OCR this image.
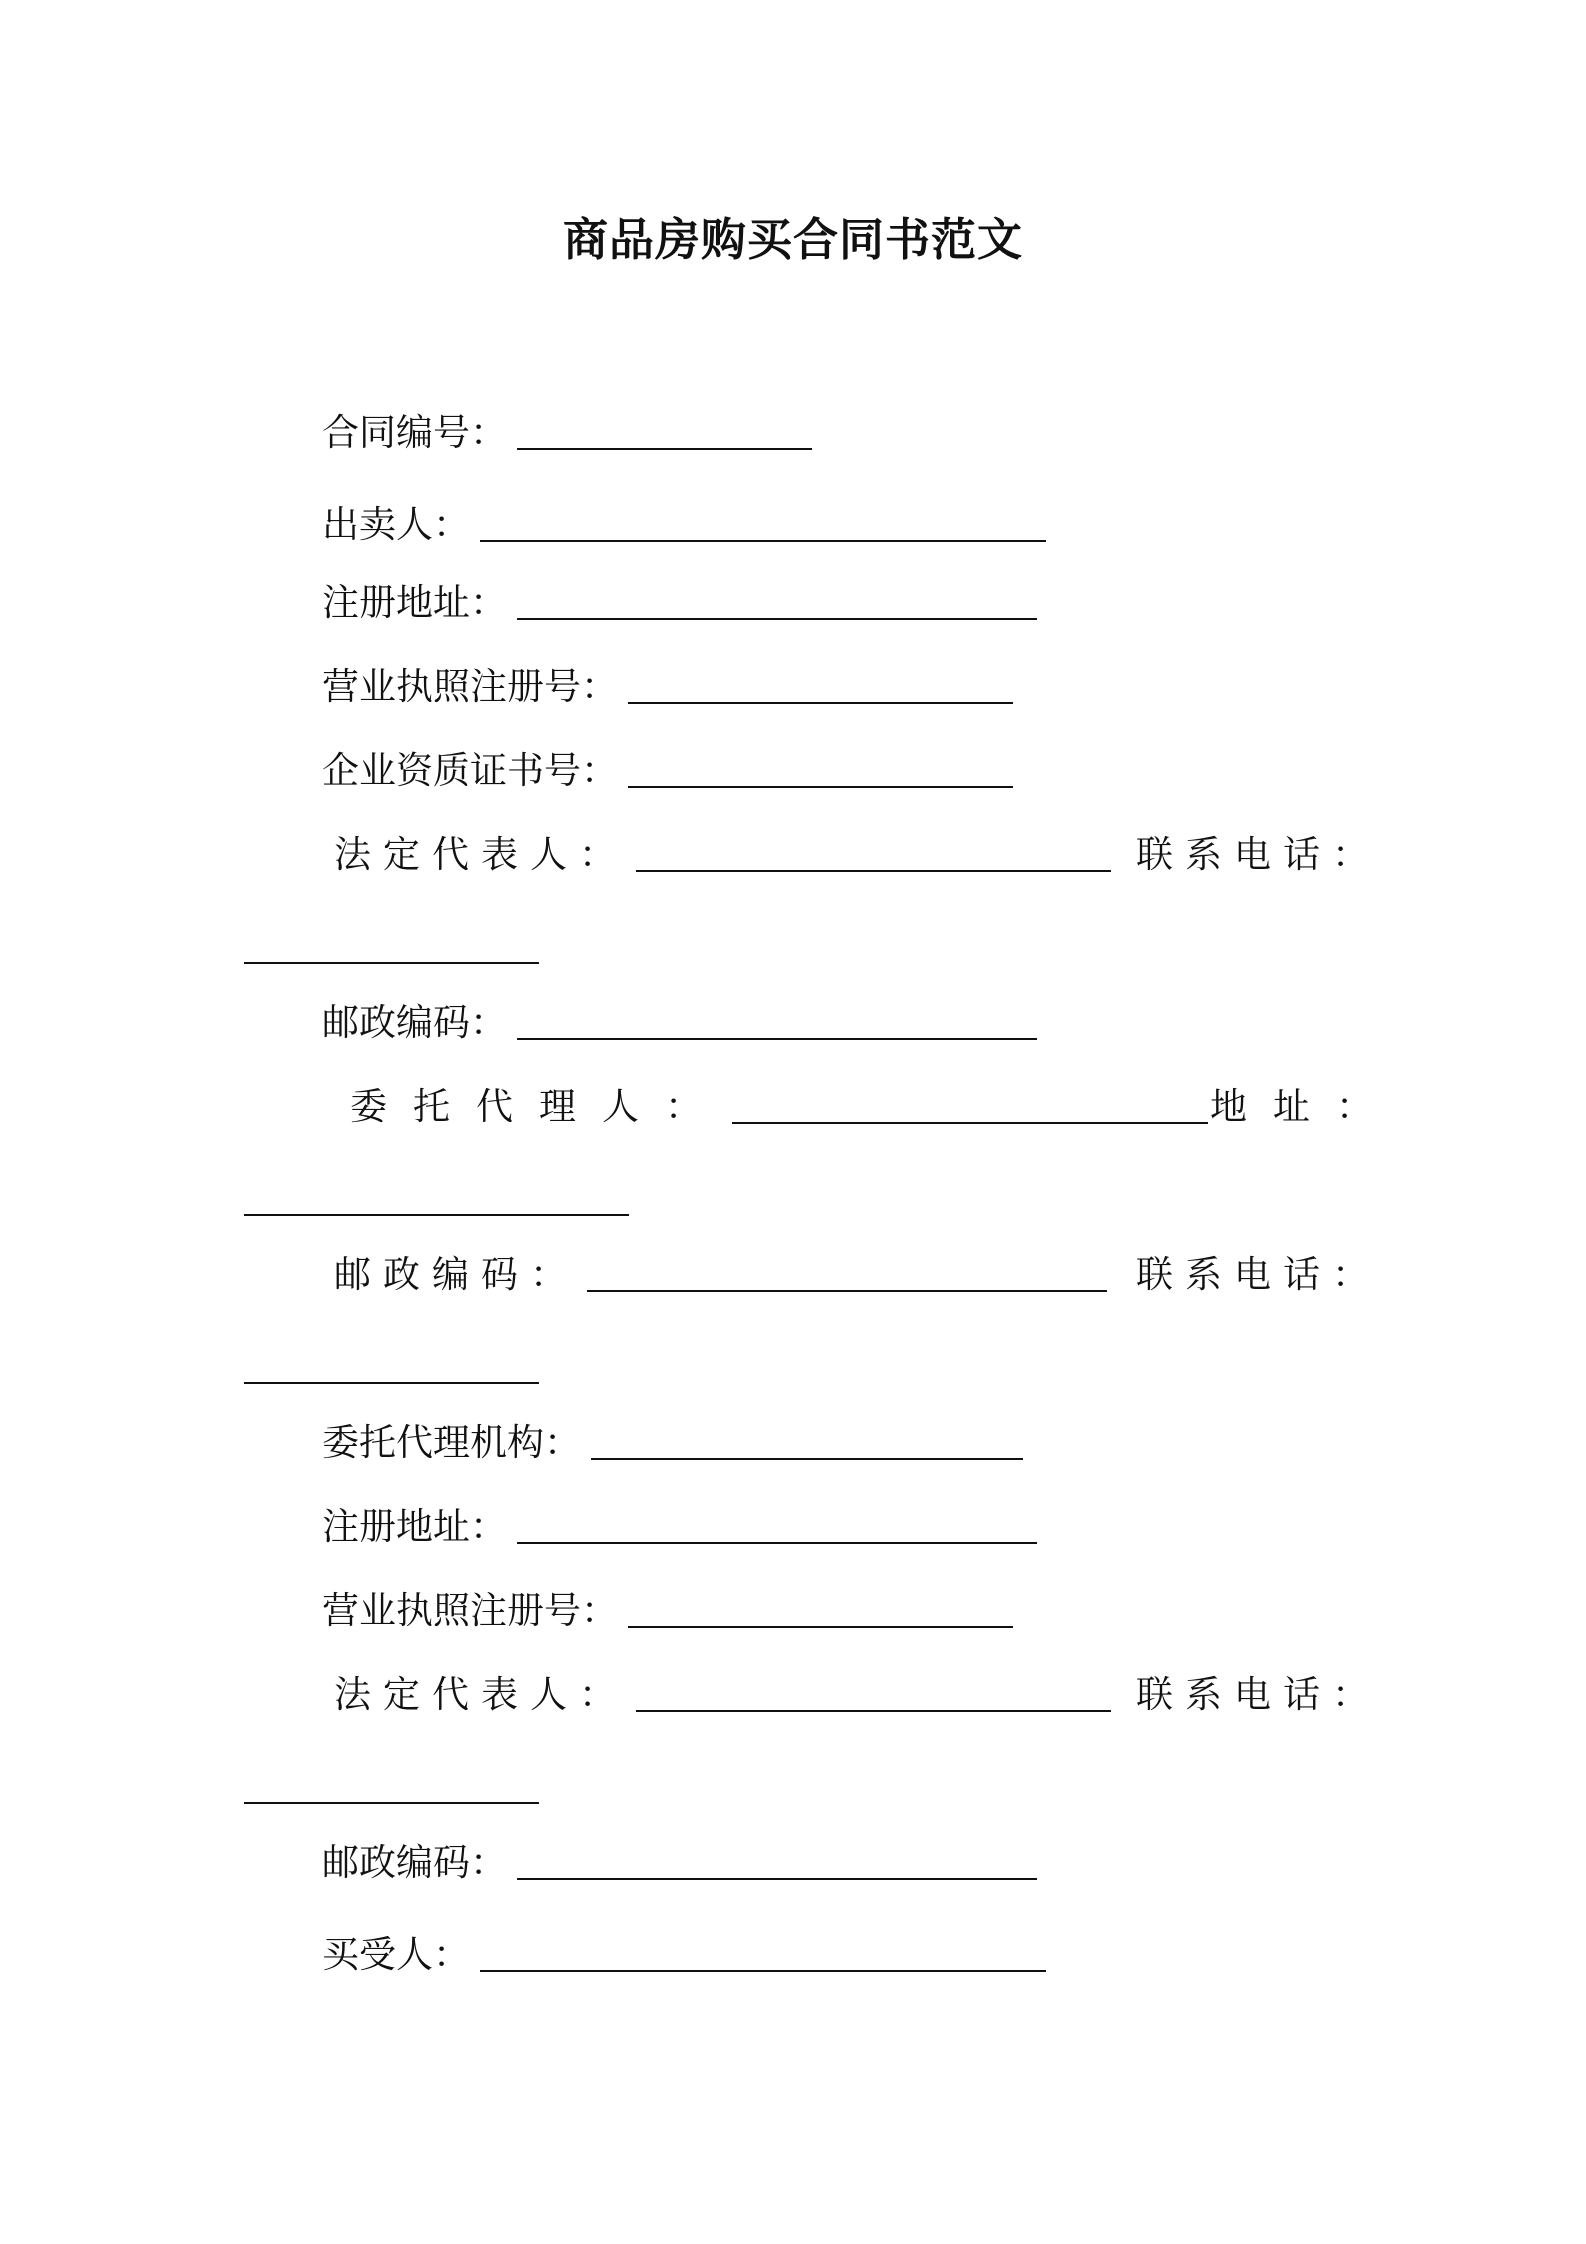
商品房购买合同书范文
合同编号：
出卖人：
注册地址：
营业执照注册号：
企业资质证书号：
法定代表人：	联系电话：
邮政编码：
委托代理人：	地址：
邮政编码：	联系电话：
委托代理机构：
注册地址：
营业执照注册号：
法定代表人：	联系电话：
邮政编码：
买受人：
